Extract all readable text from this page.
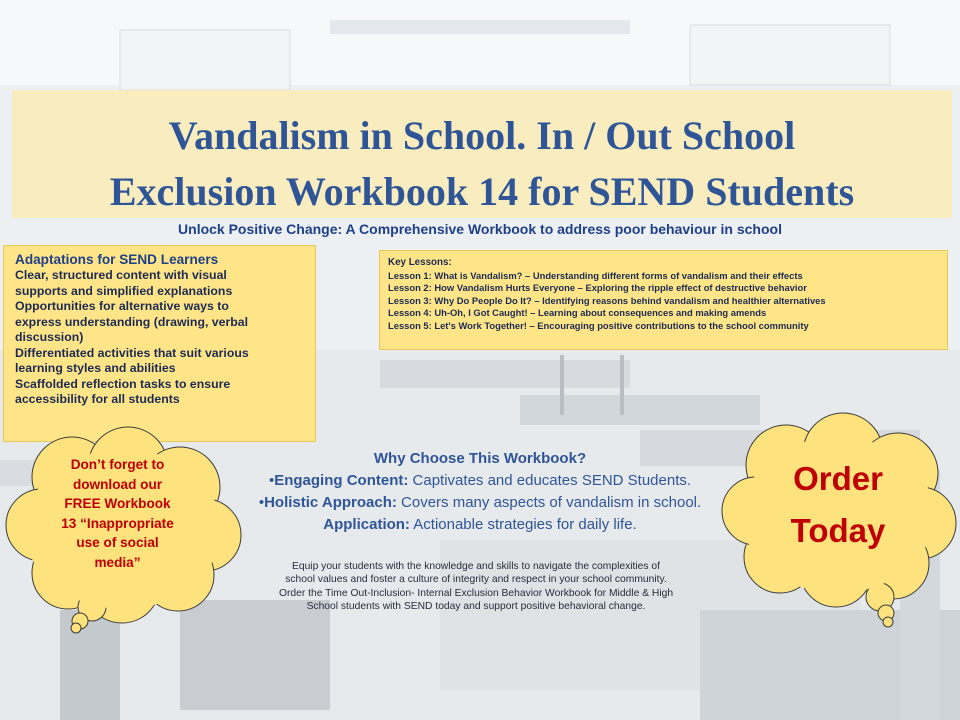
Vandalism in School. In / Out School
Exclusion Workbook 14 for SEND Students
Unlock Positive Change: A Comprehensive Workbook to address poor behaviour in school
Adaptations for SEND Learners
Clear, structured content with visual
supports and simplified explanations
Opportunities for alternative ways to
express understanding (drawing, verbal
discussion)
Differentiated activities that suit various
learning styles and abilities
Scaffolded reflection tasks to ensure
accessibility for all students
Key Lessons:
Lesson 1: What is Vandalism? – Understanding different forms of vandalism and their effects
Lesson 2: How Vandalism Hurts Everyone – Exploring the ripple effect of destructive behavior
Lesson 3: Why Do People Do It? – Identifying reasons behind vandalism and healthier alternatives
Lesson 4: Uh-Oh, I Got Caught! – Learning about consequences and making amends
Lesson 5: Let's Work Together! – Encouraging positive contributions to the school community
Don’t forget to
download our
FREE Workbook
13 “Inappropriate
use of social
media”
Order
Today
Why Choose This Workbook?
•Engaging Content: Captivates and educates SEND Students.
•Holistic Approach: Covers many aspects of vandalism in school.
Application: Actionable strategies for daily life.
Equip your students with the knowledge and skills to navigate the complexities of
school values and foster a culture of integrity and respect in your school community.
Order the Time Out-Inclusion- Internal Exclusion Behavior Workbook for Middle & High
School students with SEND today and support positive behavioral change.
